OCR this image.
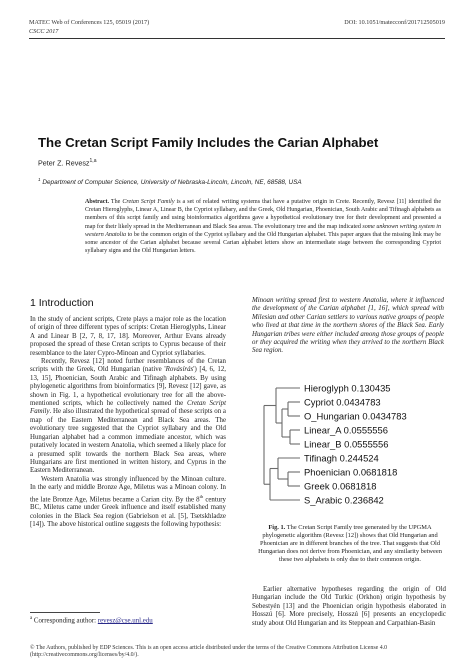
MATEC Web of Conferences 125, 05019 (2017)
CSCC 2017
DOI: 10.1051/matecconf/201712505019
The Cretan Script Family Includes the Carian Alphabet
Peter Z. Revesz$^{1,a}$
$^1$ Department of Computer Science, University of Nebraska-Lincoln, Lincoln, NE, 68588, USA
Abstract. The Cretan Script Family is a set of related writing systems that have a putative origin in Crete. Recently, Revesz [11] identified the Cretan Hieroglyphs, Linear A, Linear B, the Cypriot syllabary, and the Greek, Old Hungarian, Phoenician, South Arabic and Tifinagh alphabets as members of this script family and using bioinformatics algorithms gave a hypothetical evolutionary tree for their development and presented a map for their likely spread in the Mediterranean and Black Sea areas. The evolutionary tree and the map indicated some unknown writing system in western Anatolia to be the common origin of the Cypriot syllabary and the Old Hungarian alphabet. This paper argues that the missing link may be some ancestor of the Carian alphabet because several Carian alphabet letters show an intermediate stage between the corresponding Cypriot syllabary signs and the Old Hungarian letters.
1 Introduction

In the study of ancient scripts, Crete plays a major role as the location of origin of three different types of scripts: Cretan Hieroglyphs, Linear A and Linear B [2, 7, 8, 17, 18]. Moreover, Arthur Evans already proposed the spread of these Cretan scripts to Cyprus because of their resemblance to the later Cypro-Minoan and Cypriot syllabaries.

Recently, Revesz [12] noted further resemblances of the Cretan scripts with the Greek, Old Hungarian (native 'Rovásírás') [4, 6, 12, 13, 15], Phoenician, South Arabic and Tifinagh alphabets. By using phylogenetic algorithms from bioinformatics [9], Revesz [12] gave, as shown in Fig. 1, a hypothetical evolutionary tree for all the above-mentioned scripts, which he collectively named the Cretan Script Family. He also illustrated the hypothetical spread of these scripts on a map of the Eastern Mediterranean and Black Sea areas. The evolutionary tree suggested that the Cypriot syllabary and the Old Hungarian alphabet had a common immediate ancestor, which was putatively located in western Anatolia, which seemed a likely place for a presumed split towards the northern Black Sea areas, where Hungarians are first mentioned in written history, and Cyprus in the Eastern Mediterranean.

Western Anatolia was strongly influenced by the Minoan culture. In the early and middle Bronze Age, Miletus was a Minoan colony. In the late Bronze Age, Miletus became a Carian city. By the 8th century BC, Miletus came under Greek influence and itself established many colonies in the Black Sea region (Gabrielson et al. [5], Tsetskhladze [14]). The above historical outline suggests the following hypothesis:

Minoan writing spread first to western Anatolia, where it influenced the development of the Carian alphabet [1, 16], which spread with Milesian and other Carian settlers to various native groups of people who lived at that time in the northern shores of the Black Sea. Early Hungarian tribes were either included among those groups of people or they acquired the writing when they arrived to the northern Black Sea region.
Hieroglyph 0.130435
Cypriot 0.0434783
O_Hungarian 0.0434783
Linear_A 0.0555556
Linear_B 0.0555556
Tifinagh 0.244524
Phoenician 0.0681818
Greek 0.0681818
S_Arabic 0.236842
Fig. 1. The Cretan Script Family tree generated by the UPGMA phylogenetic algorithm (Revesz [12]) shows that Old Hungarian and Phoenician are in different branches of the tree. That suggests that Old Hungarian does not derive from Phoenician, and any similarity between these two alphabets is only due to their common origin.

Earlier alternative hypotheses regarding the origin of Old Hungarian include the Old Turkic (Orkhon) origin hypothesis by Sebestyén [13] and the Phoenician origin hypothesis elaborated in Hosszú [6]. More precisely, Hosszú [6] presents an encyclopedic study about Old Hungarian and its Steppean and Carpathian-Basin

$^a$ Corresponding author: revesz@cse.unl.edu
© The Authors, published by EDP Sciences. This is an open access article distributed under the terms of the Creative Commons Attribution License 4.0 (http://creativecommons.org/licenses/by/4.0/).
